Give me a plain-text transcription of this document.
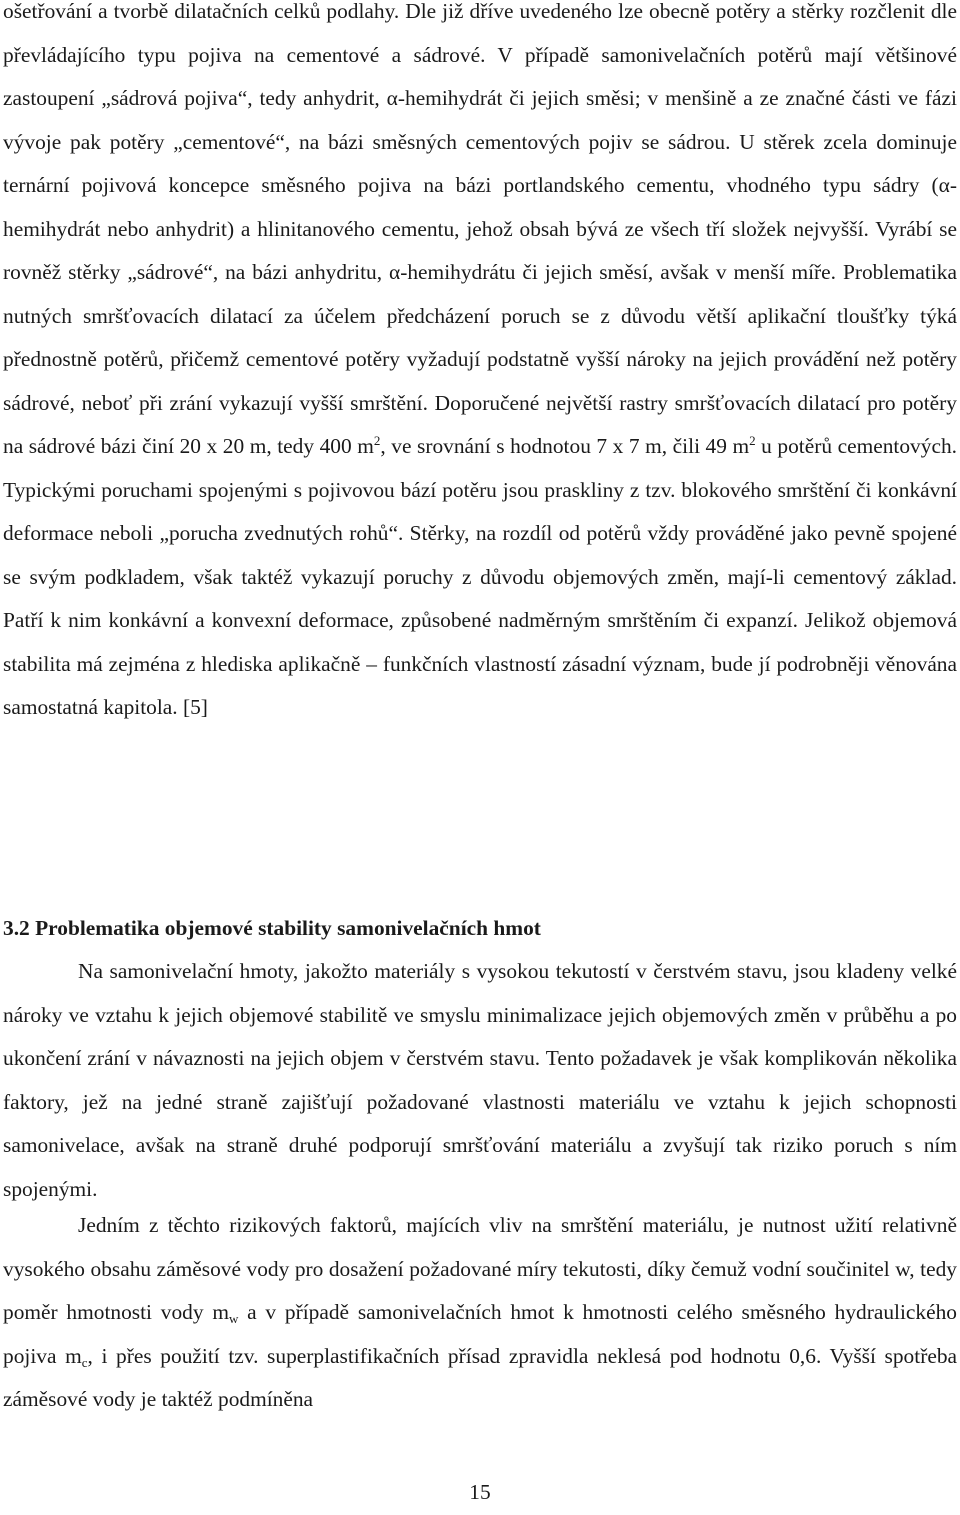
ošetřování a tvorbě dilatačních celků podlahy. Dle již dříve uvedeného lze obecně potěry a stěrky rozčlenit dle převládajícího typu pojiva na cementové a sádrové. V případě samonivelačních potěrů mají většinové zastoupení „sádrová pojiva“, tedy anhydrit, α-hemihydrát či jejich směsi; v menšině a ze značné části ve fázi vývoje pak potěry „cementové“, na bázi směsných cementových pojiv se sádrou. U stěrek zcela dominuje ternární pojivová koncepce směsného pojiva na bázi portlandského cementu, vhodného typu sádry (α-hemihydrát nebo anhydrit) a hlinitanového cementu, jehož obsah bývá ze všech tří složek nejvyšší. Vyrábí se rovněž stěrky „sádrové“, na bázi anhydritu, α-hemihydrátu či jejich směsí, avšak v menší míře. Problematika nutných smršťovacích dilatací za účelem předcházení poruch se z důvodu větší aplikační tloušťky týká přednostně potěrů, přičemž cementové potěry vyžadují podstatně vyšší nároky na jejich provádění než potěry sádrové, neboť při zrání vykazují vyšší smrštění. Doporučené největší rastry smršťovacích dilatací pro potěry na sádrové bázi činí 20 x 20 m, tedy 400 $m^2$, ve srovnání s hodnotou 7 x 7 m, čili 49 $m^2$ u potěrů cementových. Typickými poruchami spojenými s pojivovou bází potěru jsou praskliny z tzv. blokového smrštění či konkávní deformace neboli „porucha zvednutých rohů“. Stěrky, na rozdíl od potěrů vždy prováděné jako pevně spojené se svým podkladem, však taktéž vykazují poruchy z důvodu objemových změn, mají-li cementový základ. Patří k nim konkávní a konvexní deformace, způsobené nadměrným smrštěním či expanzí. Jelikož objemová stabilita má zejména z hlediska aplikačně – funkčních vlastností zásadní význam, bude jí podrobněji věnována samostatná kapitola. [5]

3.2 Problematika objemové stability samonivelačních hmot

Na samonivelační hmoty, jakožto materiály s vysokou tekutostí v čerstvém stavu, jsou kladeny velké nároky ve vztahu k jejich objemové stabilitě ve smyslu minimalizace jejich objemových změn v průběhu a po ukončení zrání v návaznosti na jejich objem v čerstvém stavu. Tento požadavek je však komplikován několika faktory, jež na jedné straně zajišťují požadované vlastnosti materiálu ve vztahu k jejich schopnosti samonivelace, avšak na straně druhé podporují smršťování materiálu a zvyšují tak riziko poruch s ním spojenými.

Jedním z těchto rizikových faktorů, majících vliv na smrštění materiálu, je nutnost užití relativně vysokého obsahu záměsové vody pro dosažení požadované míry tekutosti, díky čemuž vodní součinitel w, tedy poměr hmotnosti vody $m_w$ a v případě samonivelačních hmot k hmotnosti celého směsného hydraulického pojiva $m_c$, i přes použití tzv. superplastifikačních přísad zpravidla neklesá pod hodnotu 0,6. Vyšší spotřeba záměsové vody je taktéž podmíněna

15
